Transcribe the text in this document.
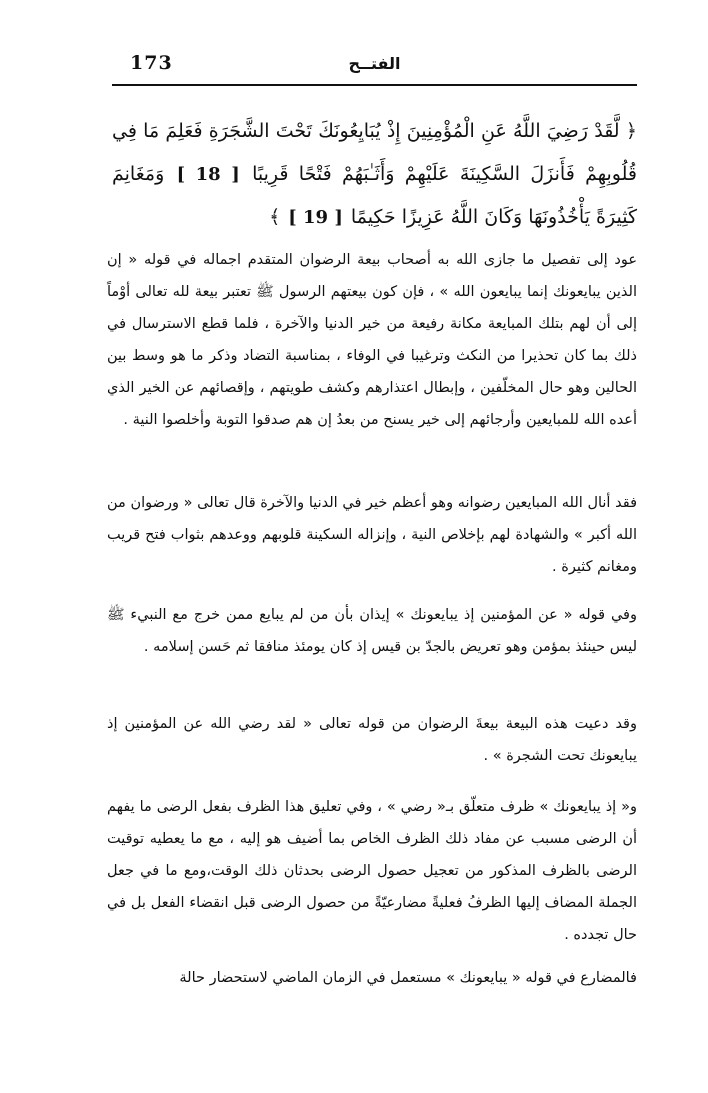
173	الفتــح
﴿ لَّقَدْ رَضِيَ اللَّهُ عَنِ الْمُؤْمِنِينَ إِذْ يُبَايِعُونَكَ تَحْتَ الشَّجَرَةِ فَعَلِمَ مَا فِي قُلُوبِهِمْ فَأَنزَلَ السَّكِينَةَ عَلَيْهِمْ وَأَثَـٰبَهُمْ فَتْحًا قَرِيبًا [ 18 ] وَمَغَانِمَ كَثِيرَةً يَأْخُذُونَهَا وَكَانَ اللَّهُ عَزِيزًا حَكِيمًا [ 19 ] ﴾

عود إلى تفصيل ما جازى الله به أصحاب بيعة الرضوان المتقدم اجماله في قوله « إن الذين يبايعونك إنما يبايعون الله » ، فإن كون بيعتهم الرسول ﷺ تعتبر بيعة لله تعالى أوْماً إلى أن لهم بتلك المبايعة مكانة رفيعة من خير الدنيا والآخرة ، فلما قطع الاسترسال في ذلك بما كان تحذيرا من النكث وترغيبا في الوفاء ، بمناسبة التضاد وذكر ما هو وسط بين الحالين وهو حال المخلّفين ، وإبطال اعتذارهم وكشف طويتهم ، وإقصائهم عن الخير الذي أعده الله للمبايعين وأرجائهم إلى خير يسنح من بعدُ إن هم صدقوا التوبة وأخلصوا النية .

فقد أنال الله المبايعين رضوانه وهو أعظم خير في الدنيا والآخرة قال تعالى « ورضوان من الله أكبر » والشهادة لهم بإخلاص النية ، وإنزاله السكينة قلوبهم ووعدهم بثواب فتح قريب ومغانم كثيرة .

وفي قوله « عن المؤمنين إذ يبايعونك » إيذان بأن من لم يبايع ممن خرج مع النبيء ﷺ ليس حينئذ بمؤمن وهو تعريض بالجدّ بن قيس إذ كان يومئذ منافقا ثم حَسن إسلامه .

وقد دعيت هذه البيعة بيعةَ الرضوان من قوله تعالى « لقد رضي الله عن المؤمنين إذ يبايعونك تحت الشجرة » .

و« إذ يبايعونك » ظرف متعلّق بـ« رضي » ، وفي تعليق هذا الظرف بفعل الرضى ما يفهم أن الرضى مسبب عن مفاد ذلك الظرف الخاص بما أضيف هو إليه ، مع ما يعطيه توقيت الرضى بالظرف المذكور من تعجيل حصول الرضى بحدثان ذلك الوقت،ومع ما في جعل الجملة المضاف إليها الظرفُ فعليةً مضارعيّةً من حصول الرضى قبل انقضاء الفعل بل في حال تجدده .

فالمضارع في قوله « يبايعونك » مستعمل في الزمان الماضي لاستحضار حالة
